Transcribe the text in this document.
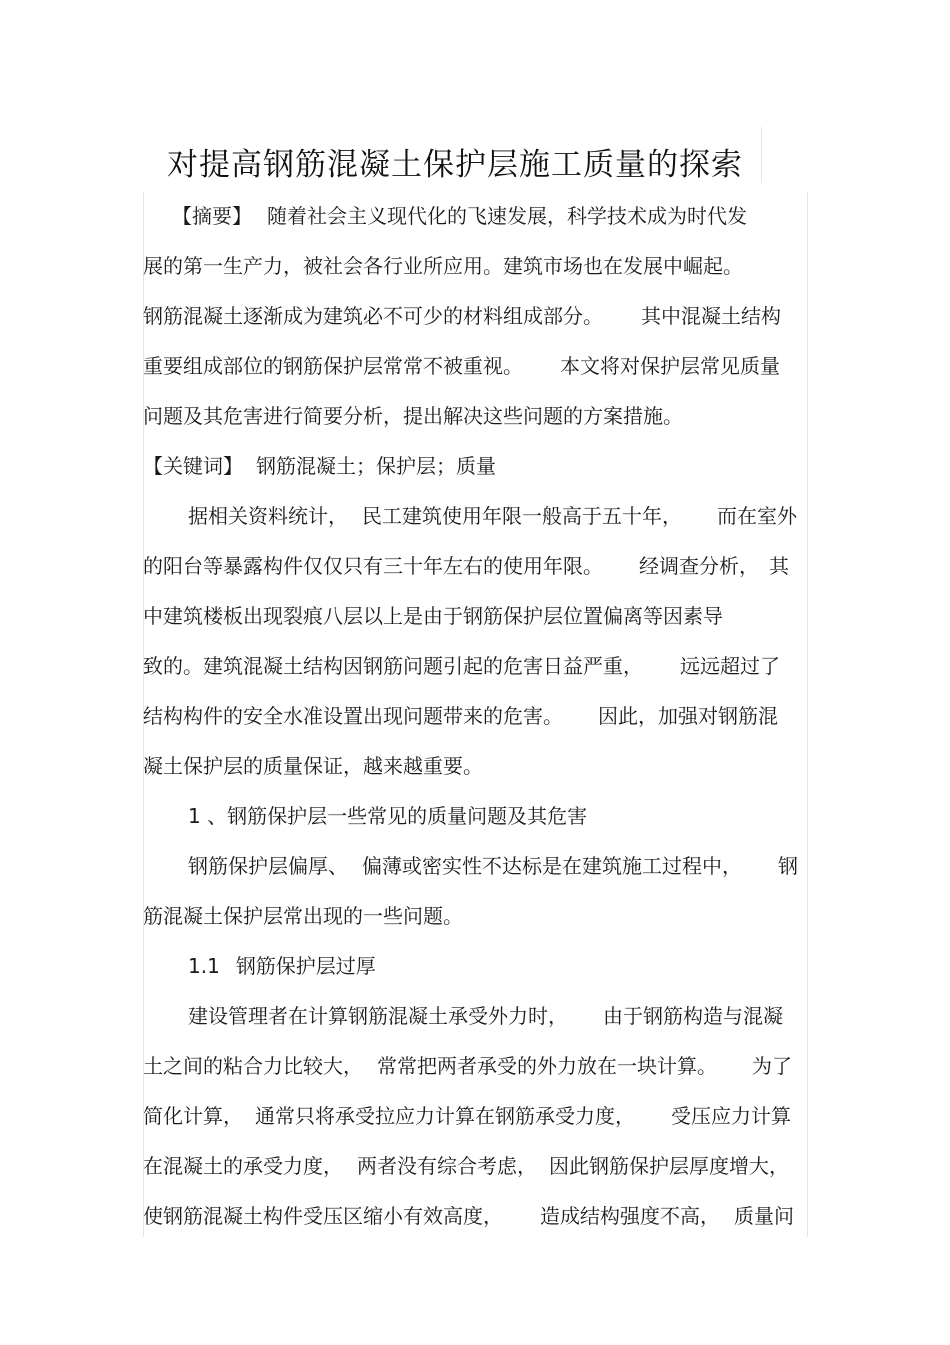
对提高钢筋混凝土保护层施工质量的探索
【摘要】 随着社会主义现代化的飞速发展，科学技术成为时代发
展的第一生产力，被社会各行业所应用。建筑市场也在发展中崛起。
钢筋混凝土逐渐成为建筑必不可少的材料组成部分。 其中混凝土结构
重要组成部位的钢筋保护层常常不被重视。 本文将对保护层常见质量
问题及其危害进行简要分析，提出解决这些问题的方案措施。
【关键词】 钢筋混凝土；保护层；质量
据相关资料统计， 民工建筑使用年限一般高于五十年， 而在室外
的阳台等暴露构件仅仅只有三十年左右的使用年限。 经调查分析， 其
中建筑楼板出现裂痕八层以上是由于钢筋保护层位置偏离等因素导
致的。建筑混凝土结构因钢筋问题引起的危害日益严重， 远远超过了
结构构件的安全水准设置出现问题带来的危害。 因此，加强对钢筋混
凝土保护层的质量保证，越来越重要。
1 、钢筋保护层一些常见的质量问题及其危害
钢筋保护层偏厚、 偏薄或密实性不达标是在建筑施工过程中， 钢
筋混凝土保护层常出现的一些问题。
1.1 钢筋保护层过厚
建设管理者在计算钢筋混凝土承受外力时， 由于钢筋构造与混凝
土之间的粘合力比较大， 常常把两者承受的外力放在一块计算。 为了
简化计算， 通常只将承受拉应力计算在钢筋承受力度， 受压应力计算
在混凝土的承受力度， 两者没有综合考虑， 因此钢筋保护层厚度增大，
使钢筋混凝土构件受压区缩小有效高度， 造成结构强度不高， 质量问
